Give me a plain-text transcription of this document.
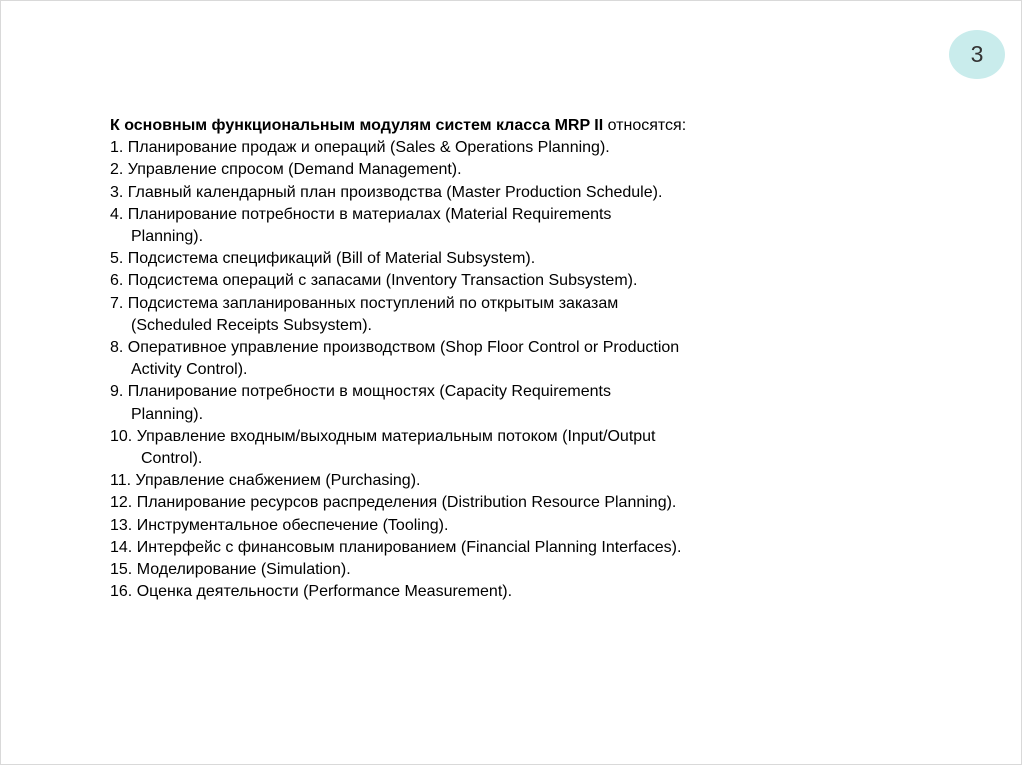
3

К основным функциональным модулям систем класса MRP II относятся:

1. Планирование продаж и операций (Sales & Operations Planning).
2. Управление спросом (Demand Management).
3. Главный календарный план производства (Master Production Schedule).
4. Планирование потребности в материалах (Material Requirements
Planning).
5. Подсистема спецификаций (Bill of Material Subsystem).
6. Подсистема операций с запасами (Inventory Transaction Subsystem).
7. Подсистема запланированных поступлений по открытым заказам
(Scheduled Receipts Subsystem).
8. Оперативное управление производством (Shop Floor Control or Production
Activity Control).
9. Планирование потребности в мощностях (Capacity Requirements
Planning).
10. Управление входным/выходным материальным потоком (Input/Output
Control).
11. Управление снабжением (Purchasing).
12. Планирование ресурсов распределения (Distribution Resource Planning).
13. Инструментальное обеспечение (Tooling).
14. Интерфейс с финансовым планированием (Financial Planning Interfaces).
15. Моделирование (Simulation).
16. Оценка деятельности (Performance Measurement).
